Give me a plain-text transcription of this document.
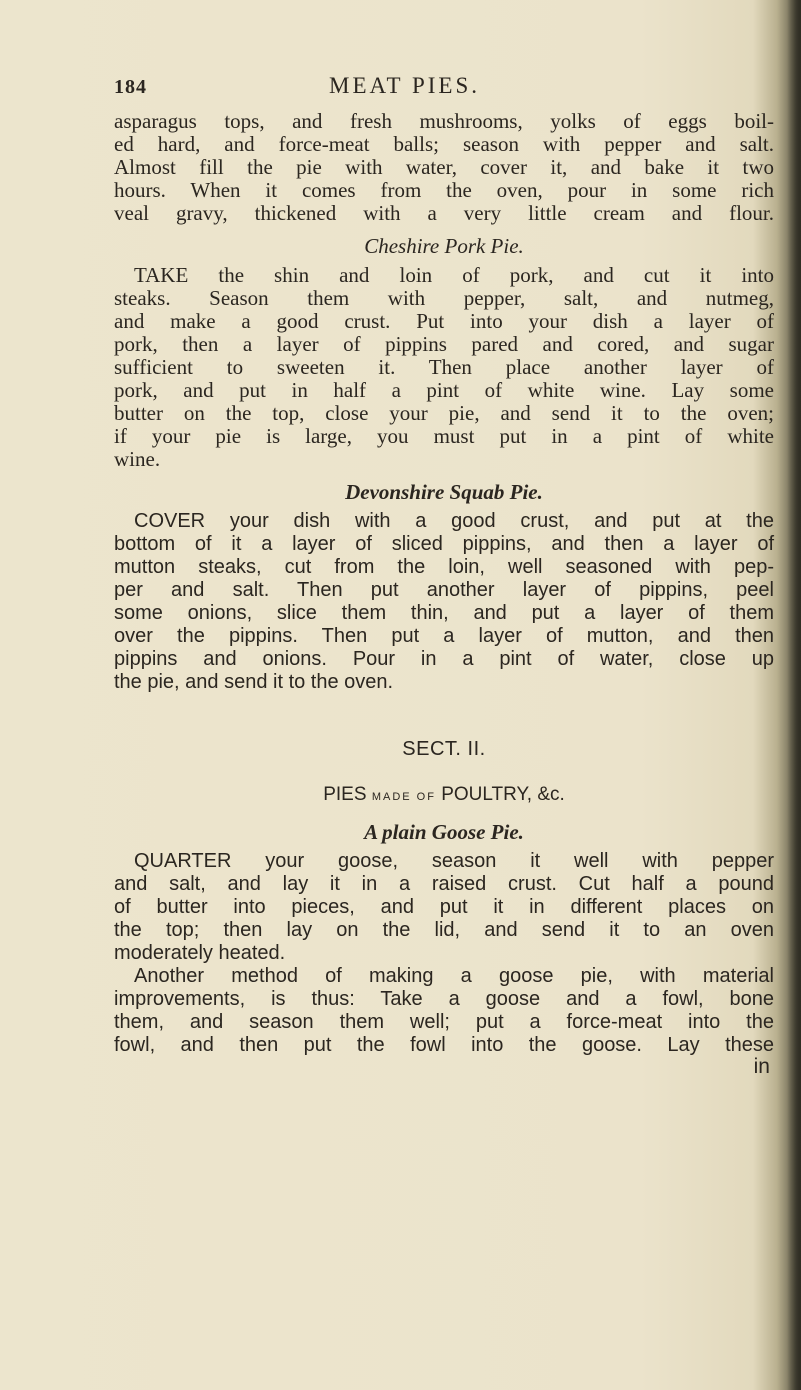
184	MEAT PIES.
asparagus tops, and fresh mushrooms, yolks of eggs boil-
ed hard, and force-meat balls; season with pepper and salt.
Almost fill the pie with water, cover it, and bake it two
hours. When it comes from the oven, pour in some rich
veal gravy, thickened with a very little cream and flour.
Cheshire Pork Pie.
TAKE the shin and loin of pork, and cut it into
steaks. Season them with pepper, salt, and nutmeg,
and make a good crust. Put into your dish a layer of
pork, then a layer of pippins pared and cored, and sugar
sufficient to sweeten it. Then place another layer of
pork, and put in half a pint of white wine. Lay some
butter on the top, close your pie, and send it to the oven;
if your pie is large, you must put in a pint of white
wine.
Devonshire Squab Pie.
COVER your dish with a good crust, and put at the
bottom of it a layer of sliced pippins, and then a layer of
mutton steaks, cut from the loin, well seasoned with pep-
per and salt. Then put another layer of pippins, peel
some onions, slice them thin, and put a layer of them
over the pippins. Then put a layer of mutton, and then
pippins and onions. Pour in a pint of water, close up
the pie, and send it to the oven.
SECT. II.
PIES MADE OF POULTRY, &c.
A plain Goose Pie.
QUARTER your goose, season it well with pepper
and salt, and lay it in a raised crust. Cut half a pound
of butter into pieces, and put it in different places on
the top; then lay on the lid, and send it to an oven
moderately heated.
Another method of making a goose pie, with material
improvements, is thus: Take a goose and a fowl, bone
them, and season them well; put a force-meat into the
fowl, and then put the fowl into the goose. Lay these
in
